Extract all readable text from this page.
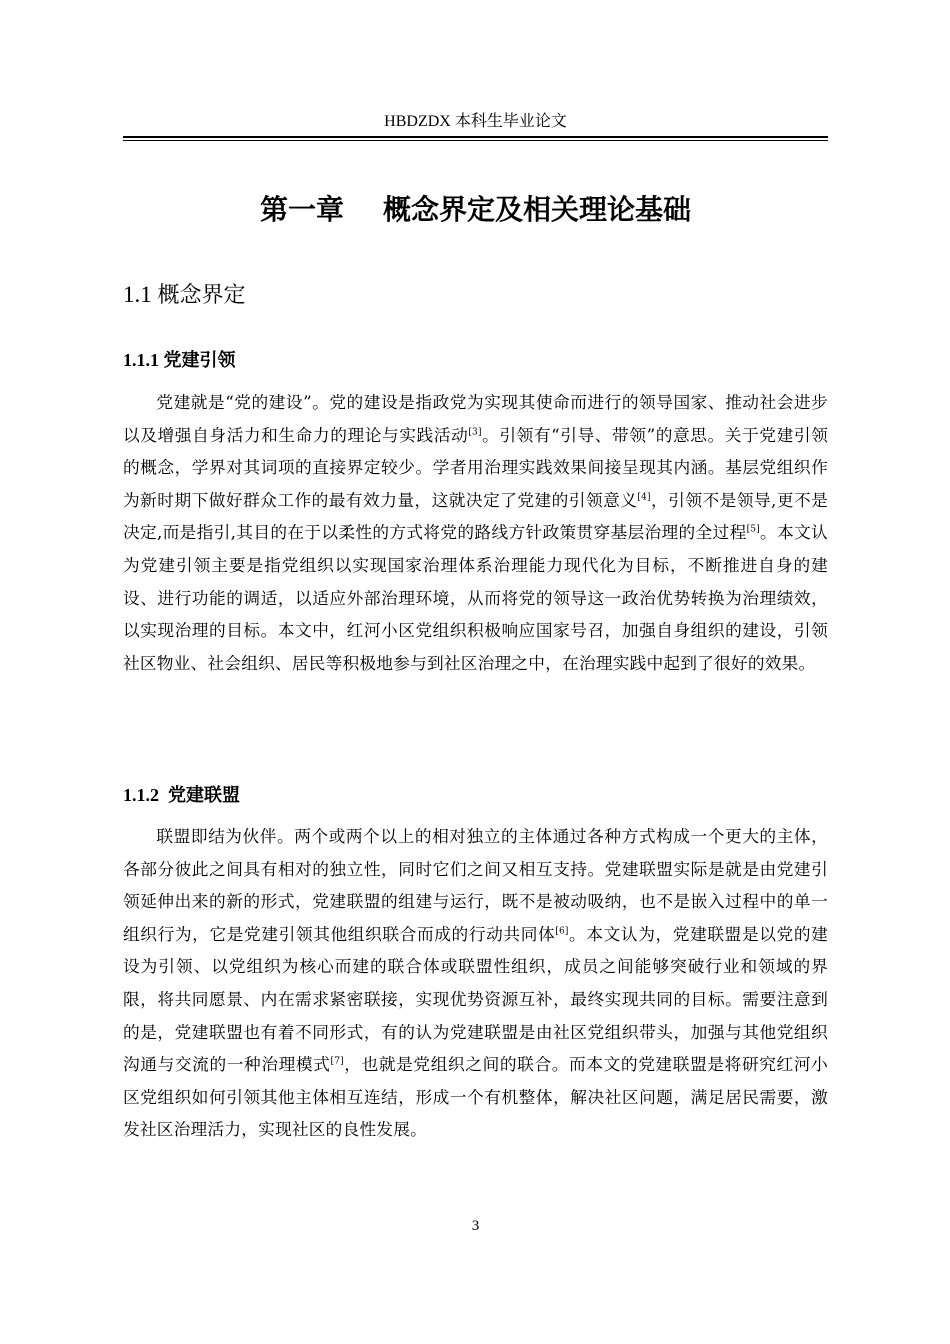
HBDZDX 本科生毕业论文
第一章    概念界定及相关理论基础
1.1 概念界定
1.1.1 党建引领
党建就是“党的建设”。党的建设是指政党为实现其使命而进行的领导国家、推动社会进步以及增强自身活力和生命力的理论与实践活动[3]。引领有“引导、带领”的意思。关于党建引领的概念，学界对其词项的直接界定较少。学者用治理实践效果间接呈现其内涵。基层党组织作为新时期下做好群众工作的最有效力量，这就决定了党建的引领意义[4]，引领不是领导,更不是决定,而是指引,其目的在于以柔性的方式将党的路线方针政策贯穿基层治理的全过程[5]。本文认为党建引领主要是指党组织以实现国家治理体系治理能力现代化为目标，不断推进自身的建设、进行功能的调适，以适应外部治理环境，从而将党的领导这一政治优势转换为治理绩效，以实现治理的目标。本文中，红河小区党组织积极响应国家号召，加强自身组织的建设，引领社区物业、社会组织、居民等积极地参与到社区治理之中，在治理实践中起到了很好的效果。
1.1.2 党建联盟
联盟即结为伙伴。两个或两个以上的相对独立的主体通过各种方式构成一个更大的主体，各部分彼此之间具有相对的独立性，同时它们之间又相互支持。党建联盟实际是就是由党建引领延伸出来的新的形式，党建联盟的组建与运行，既不是被动吸纳，也不是嵌入过程中的单一组织行为，它是党建引领其他组织联合而成的行动共同体[6]。本文认为，党建联盟是以党的建设为引领、以党组织为核心而建的联合体或联盟性组织，成员之间能够突破行业和领域的界限，将共同愿景、内在需求紧密联接，实现优势资源互补，最终实现共同的目标。需要注意到的是，党建联盟也有着不同形式，有的认为党建联盟是由社区党组织带头，加强与其他党组织沟通与交流的一种治理模式[7]，也就是党组织之间的联合。而本文的党建联盟是将研究红河小区党组织如何引领其他主体相互连结，形成一个有机整体，解决社区问题，满足居民需要，激发社区治理活力，实现社区的良性发展。
3
